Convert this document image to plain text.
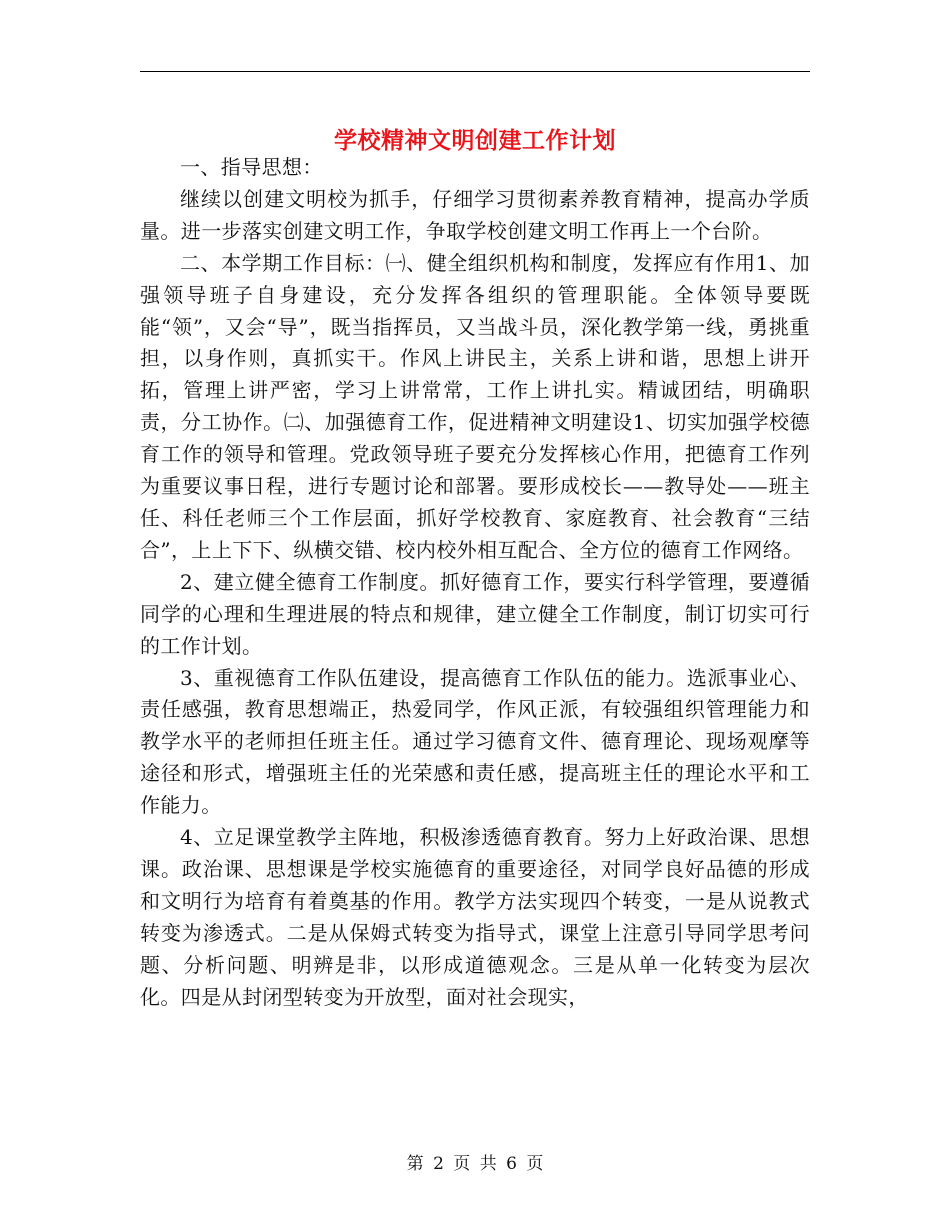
学校精神文明创建工作计划

一、指导思想：

继续以创建文明校为抓手，仔细学习贯彻素养教育精神，提高办学质量。进一步落实创建文明工作，争取学校创建文明工作再上一个台阶。

二、本学期工作目标：㈠、健全组织机构和制度，发挥应有作用1、加强领导班子自身建设，充分发挥各组织的管理职能。全体领导要既能“领”，又会“导”，既当指挥员，又当战斗员，深化教学第一线，勇挑重担，以身作则，真抓实干。作风上讲民主，关系上讲和谐，思想上讲开拓，管理上讲严密，学习上讲常常，工作上讲扎实。精诚团结，明确职责，分工协作。㈡、加强德育工作，促进精神文明建设1、切实加强学校德育工作的领导和管理。党政领导班子要充分发挥核心作用，把德育工作列为重要议事日程，进行专题讨论和部署。要形成校长——教导处——班主任、科任老师三个工作层面，抓好学校教育、家庭教育、社会教育“三结合”，上上下下、纵横交错、校内校外相互配合、全方位的德育工作网络。

2、建立健全德育工作制度。抓好德育工作，要实行科学管理，要遵循同学的心理和生理进展的特点和规律，建立健全工作制度，制订切实可行的工作计划。

3、重视德育工作队伍建设，提高德育工作队伍的能力。选派事业心、责任感强，教育思想端正，热爱同学，作风正派，有较强组织管理能力和教学水平的老师担任班主任。通过学习德育文件、德育理论、现场观摩等途径和形式，增强班主任的光荣感和责任感，提高班主任的理论水平和工作能力。

4、立足课堂教学主阵地，积极渗透德育教育。努力上好政治课、思想课。政治课、思想课是学校实施德育的重要途径，对同学良好品德的形成和文明行为培育有着奠基的作用。教学方法实现四个转变，一是从说教式转变为渗透式。二是从保姆式转变为指导式，课堂上注意引导同学思考问题、分析问题、明辨是非，以形成道德观念。三是从单一化转变为层次化。四是从封闭型转变为开放型，面对社会现实，

第 2 页 共 6 页
